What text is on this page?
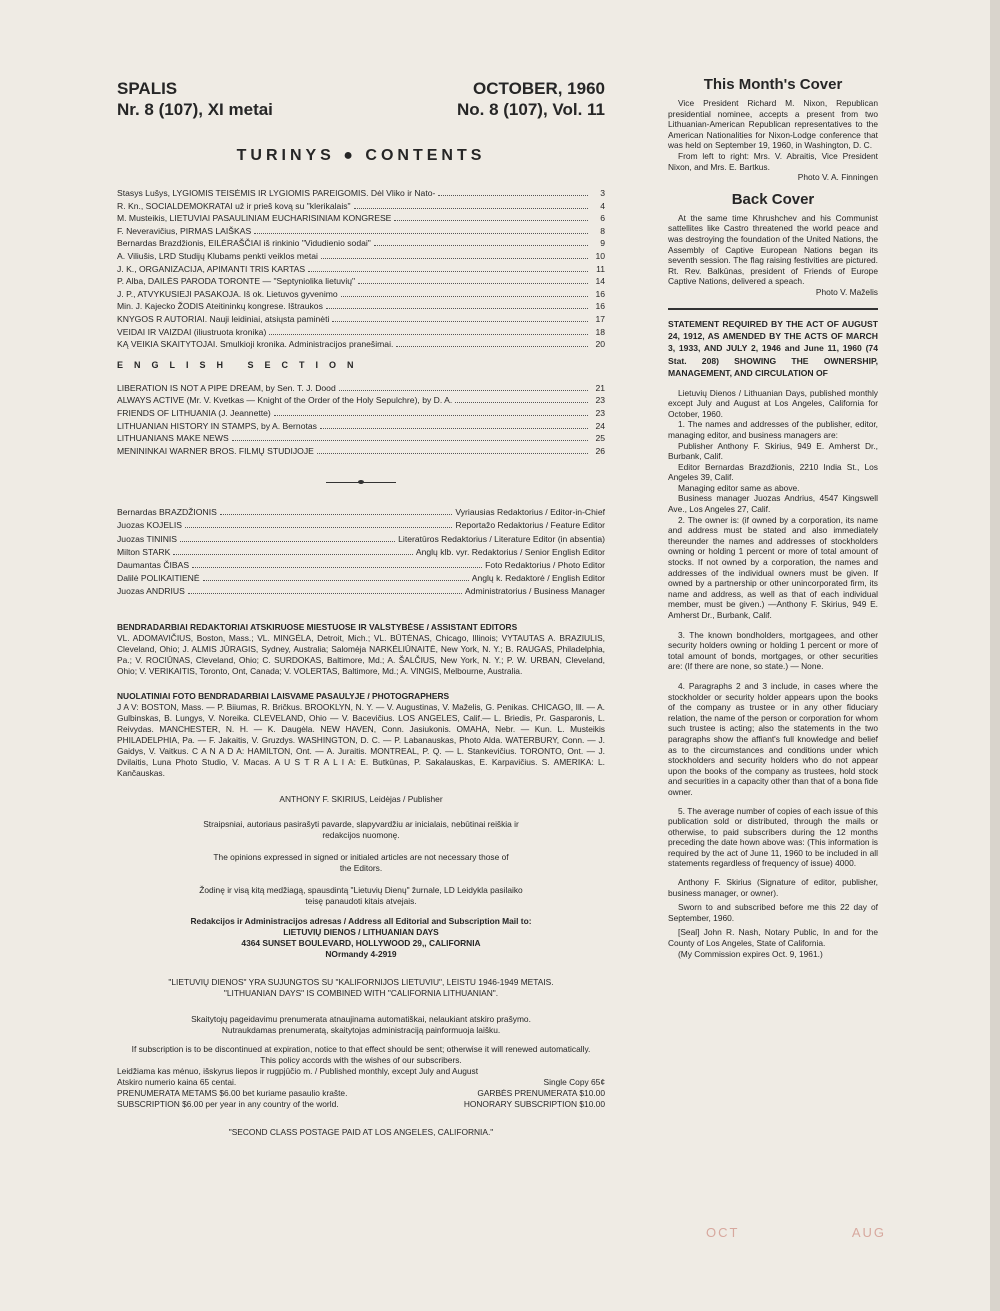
SPALIS
Nr. 8 (107), XI metai
OCTOBER, 1960
No. 8 (107), Vol. 11
TURINYS ● CONTENTS
Stasys Lušys, LYGIOMIS TEISĖMIS IR LYGIOMIS PAREIGOMIS. Dėl Vliko ir Nato-	3
R. Kn., SOCIALDEMOKRATAI už ir prieš kovą su "klerikalais"	4
M. Musteikis, LIETUVIAI PASAULINIAM EUCHARISINIAM KONGRESE	6
F. Neveravičius, PIRMAS LAIŠKAS	8
Bernardas Brazdžionis, EILĖRAŠČIAI iš rinkinio "Vidudienio sodai"	9
A. Viliušis, LRD Studijų Klubams penkti veiklos metai	10
J. K., ORGANIZACIJA, APIMANTI TRIS KARTAS	11
P. Alba, DAILĖS PARODA TORONTE — "Septyniolika lietuvių"	14
J. P., ATVYKUSIEJI PASAKOJA. Iš ok. Lietuvos gyvenimo	16
Min. J. Kajecko ŽODIS Ateitininkų kongrese. Ištraukos	16
KNYGOS R AUTORIAI. Nauji leidiniai, atsiųsta paminėti	17
VEIDAI IR VAIZDAI (iliustruota kronika)	18
KĄ VEIKIA SKAITYTOJAI. Smulkioji kronika. Administracijos pranešimai.	20
ENGLISH SECTION
LIBERATION IS NOT A PIPE DREAM, by Sen. T. J. Dood	21
ALWAYS ACTIVE (Mr. V. Kvetkas — Knight of the Order of the Holy Sepulchre), by D. A.	23
FRIENDS OF LITHUANIA (J. Jeannette)	23
LITHUANIAN HISTORY IN STAMPS, by A. Bernotas	24
LITHUANIANS MAKE NEWS	25
MENININKAI WARNER BROS. FILMŲ STUDIJOJE	26
Bernardas BRAZDŽIONIS	Vyriausias Redaktorius / Editor-in-Chief
Juozas KOJELIS	Reportažo Redaktorius / Feature Editor
Juozas TININIS	Literatūros Redaktorius / Literature Editor (in absentia)
Milton STARK	Anglų klb. vyr. Redaktorius / Senior English Editor
Daumantas ČIBAS	Foto Redaktorius / Photo Editor
Dalilė POLIKAITIENĖ	Anglų k. Redaktorė / English Editor
Juozas ANDRIUS	Administratorius / Business Manager
BENDRADARBIAI REDAKTORIAI ATSKIRUOSE MIESTUOSE IR VALSTYBĖSE / ASSISTANT EDITORS
VL. ADOMAVIČIUS, Boston, Mass.; VL. MINGĖLA, Detroit, Mich.; VL. BŪTĖNAS, Chicago, Illinois; VYTAUTAS A. BRAZIULIS, Cleveland, Ohio; J. ALMIS JŪRAGIS, Sydney, Australia; Salomėja NARKĖLIŪNAITĖ, New York, N. Y.; B. RAUGAS, Philadelphia, Pa.; V. ROCIŪNAS, Cleveland, Ohio; C. SURDOKAS, Baltimore, Md.; A. ŠALČIUS, New York, N. Y.; P. W. URBAN, Cleveland, Ohio; V. VERIKAITIS, Toronto, Ont, Canada; V. VOLERTAS, Baltimore, Md.; A. VINGIS, Melbourne, Australia.
NUOLATINIAI FOTO BENDRADARBIAI LAISVAME PASAULYJE / PHOTOGRAPHERS
J A V: BOSTON, Mass. — P. Biiumas, R. Bričkus. BROOKLYN, N. Y. — V. Augustinas, V. Maželis, G. Penikas. CHICAGO, Ill. — A. Gulbinskas, B. Lungys, V. Noreika. CLEVELAND, Ohio — V. Bacevičius. LOS ANGELES, Calif.— L. Briedis, Pr. Gasparonis, L. Reivydas. MANCHESTER, N. H. — K. Daugėla. NEW HAVEN, Conn. Jasiukonis. OMAHA, Nebr. — Kun. L. Musteikis PHILADELPHIA, Pa. — F. Jakaitis, V. Gruzdys. WASHINGTON, D. C. — P. Labanauskas, Photo Alda. WATERBURY, Conn. — J. Gaidys, V. Vaitkus. C A N A D A: HAMILTON, Ont. — A. Juraitis. MONTREAL, P. Q. — L. Stankevičius. TORONTO, Ont. — J. Dvilaitis, Luna Photo Studio, V. Macas. A U S T R A L I A: E. Butkūnas, P. Sakalauskas, E. Karpavičius. S. AMERIKA: L. Kančauskas.
ANTHONY F. SKIRIUS, Leidėjas / Publisher
Straipsniai, autoriaus pasirašyti pavarde, slapyvardžiu ar inicialais, nebūtinai reiškia ir redakcijos nuomonę.
The opinions expressed in signed or initialed articles are not necessary those of the Editors.
Žodinę ir visą kitą medžiagą, spausdintą "Lietuvių Dienų" žurnale, LD Leidykla pasilaiko teisę panaudoti kitais atvejais.
Redakcijos ir Administracijos adresas / Address all Editorial and Subscription Mail to:
LIETUVIŲ DIENOS / LITHUANIAN DAYS
4364 SUNSET BOULEVARD, HOLLYWOOD 29,, CALIFORNIA
NOrmandy 4-2919
"LIETUVIŲ DIENOS" YRA SUJUNGTOS SU "KALIFORNIJOS LIETUVIU", LEISTU 1946-1949 METAIS.
"LITHUANIAN DAYS" IS COMBINED WITH "CALIFORNIA LITHUANIAN".
Skaitytojų pageidavimu prenumerata atnaujinama automatiškai, nelaukiant atskiro prašymo. Nutraukdamas prenumeratą, skaitytojas administraciją painformuoja laišku.
If subscription is to be discontinued at expiration, notice to that effect should be sent; otherwise it will renewed automatically. This policy accords with the wishes of our subscribers.
Leidžiama kas mėnuo, išskyrus liepos ir rugpjūčio m. / Published monthly, except July and August
Atskiro numerio kaina 65 centai.	Single Copy 65¢
PRENUMERATA METAMS $6.00 bet kuriame pasaulio krašte.	GARBĖS PRENUMERATA $10.00
SUBSCRIPTION $6.00 per year in any country of the world.	HONORARY SUBSCRIPTION $10.00
"SECOND CLASS POSTAGE PAID AT LOS ANGELES, CALIFORNIA."
This Month's Cover
Vice President Richard M. Nixon, Republican presidential nominee, accepts a present from two Lithuanian-American Republican representatives to the American Nationalities for Nixon-Lodge conference that was held on September 19, 1960, in Washington, D. C.
From left to right: Mrs. V. Abraitis, Vice President Nixon, and Mrs. E. Bartkus.
Photo V. A. Finningen
Back Cover
At the same time Khrushchev and his Communist sattellites like Castro threatened the world peace and was destroying the foundation of the United Nations, the Assembly of Captive European Nations began its seventh session. The flag raising festivities are pictured. Rt. Rev. Balkūnas, president of Friends of Europe Captive Nations, delivered a speach.
Photo V. Maželis
STATEMENT REQUIRED BY THE ACT OF AUGUST 24, 1912, AS AMENDED BY THE ACTS OF MARCH 3, 1933, AND JULY 2, 1946 and June 11, 1960 (74 Stat. 208) SHOWING THE OWNERSHIP, MANAGEMENT, AND CIRCULATION OF
Lietuvių Dienos / Lithuanian Days, published monthly except July and August at Los Angeles, California for October, 1960.
1. The names and addresses of the publisher, editor, managing editor, and business managers are:
Publisher Anthony F. Skirius, 949 E. Amherst Dr., Burbank, Calif.
Editor Bernardas Brazdžionis, 2210 India St., Los Angeles 39, Calif.
Managing editor same as above.
Business manager Juozas Andrius, 4547 Kingswell Ave., Los Angeles 27, Calif.
2. The owner is: (if owned by a corporation, its name and address must be stated and also immediately thereunder the names and addresses of stockholders owning or holding 1 percent or more of total amount of stocks. If not owned by a corporation, the names and addresses of the individual owners must be given. If owned by a partnership or other unincorporated firm, its name and address, as well as that of each individual member, must be given.) —Anthony F. Skirius, 949 E. Amherst Dr., Burbank, Calif.
3. The known bondholders, mortgagees, and other security holders owning or holding 1 percent or more of total amount of bonds, mortgages, or other securities are: (If there are none, so state.) — None.
4. Paragraphs 2 and 3 include, in cases where the stockholder or security holder appears upon the books of the company as trustee or in any other fiduciary relation, the name of the person or corporation for whom such trustee is acting; also the statements in the two paragraphs show the affiant's full knowledge and belief as to the circumstances and conditions under which stockholders and security holders who do not appear upon the books of the company as trustees, hold stock and securities in a capacity other than that of a bona fide owner.
5. The average number of copies of each issue of this publication sold or distributed, through the mails or otherwise, to paid subscribers during the 12 months preceding the date hown above was: (This information is required by the act of June 11, 1960 to be included in all statements regardless of frequency of issue) 4000.
Anthony F. Skirius (Signature of editor, publisher, business manager, or owner).
Sworn to and subscribed before me this 22 day of September, 1960.
[Seal] John R. Nash, Notary Public, In and for the County of Los Angeles, State of California.
(My Commission expires Oct. 9, 1961.)
OCT	AUG
